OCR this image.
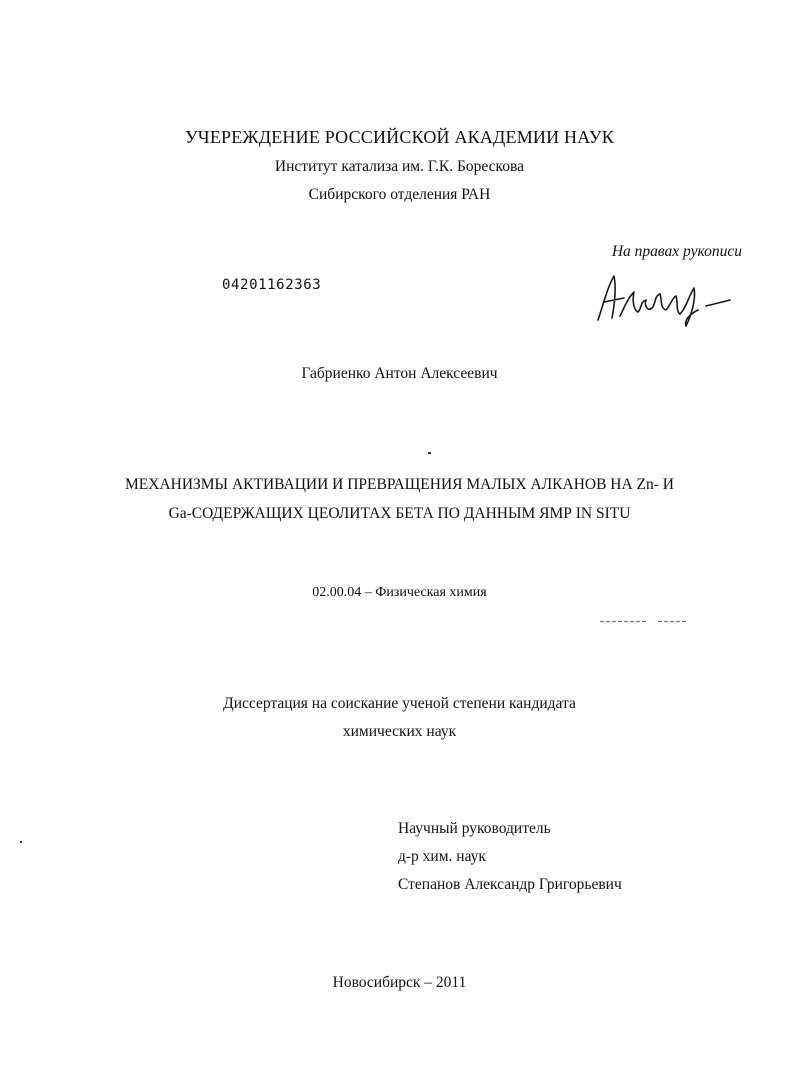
УЧЕРЕЖДЕНИЕ РОССИЙСКОЙ АКАДЕМИИ НАУК
Институт катализа им. Г.К. Борескова
Сибирского отделения РАН
На правах рукописи
04201162363
Габриенко Антон Алексеевич
МЕХАНИЗМЫ АКТИВАЦИИ И ПРЕВРАЩЕНИЯ МАЛЫХ АЛКАНОВ НА Zn- И
Ga-СОДЕРЖАЩИХ ЦЕОЛИТАХ БЕТА ПО ДАННЫМ ЯМР IN SITU
02.00.04 – Физическая химия
Диссертация на соискание ученой степени кандидата
химических наук
Научный руководитель
д-р хим. наук
Степанов Александр Григорьевич
Новосибирск – 2011
